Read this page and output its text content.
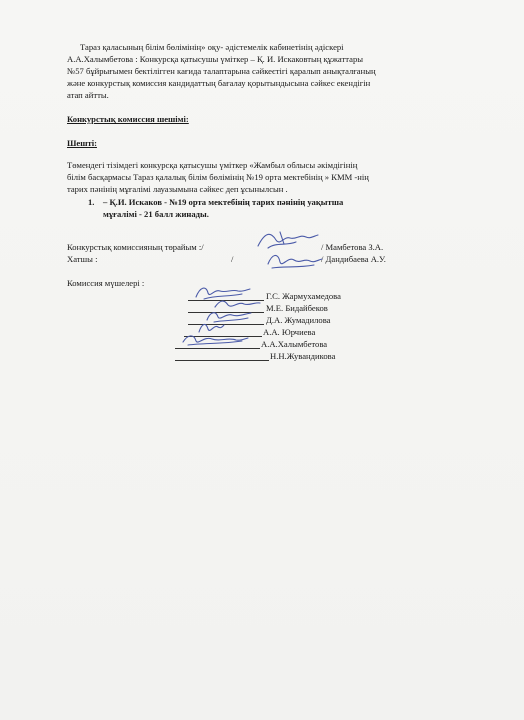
Тараз қаласының білім бөлімінің» оқу- әдістемелік кабинетінің әдіскері
А.А.Халымбетова : Конкурсқа қатысушы үміткер – Қ. И. Искаковтың құжаттары
№57 бұйрығымен бектілігген кағида талаптарына сәйкеєтігі қаралып анықталғаның
және конкурстық комиссия кандидаттың бағалау қорытындысына сәйкес екендігін
атап айтты.
Конкурстық комиссия шешімі:
Шешті:
Төмендегі тізімдегі конкурсқа қатысушы үміткер «Жамбыл облысы әкімдігінің
білім басқармасы Тараз қалалық білім бөлімінің №19 орта мектебінің » КММ -нің
тарих пәнінің мұғалімі лауазымына сәйкес деп ұсынылсын .
1. – Қ.И. Искаков - №19 орта мектебінің тарих пәнінің уақытша
мұғалімі - 21 балл жинады.
Конкурстық комиссияның төрайым :/	/ Мамбетова З.А.
Хатшы :	/	/ Дандибаева А.У.
Комиссия мүшелері :
Г.С. Жармухамедова
М.Е. Бидайбеков
Д.А. Жумадилова
А.А. Юрчиева
А.А.Халымбетова
Н.Н.Жувандикова
